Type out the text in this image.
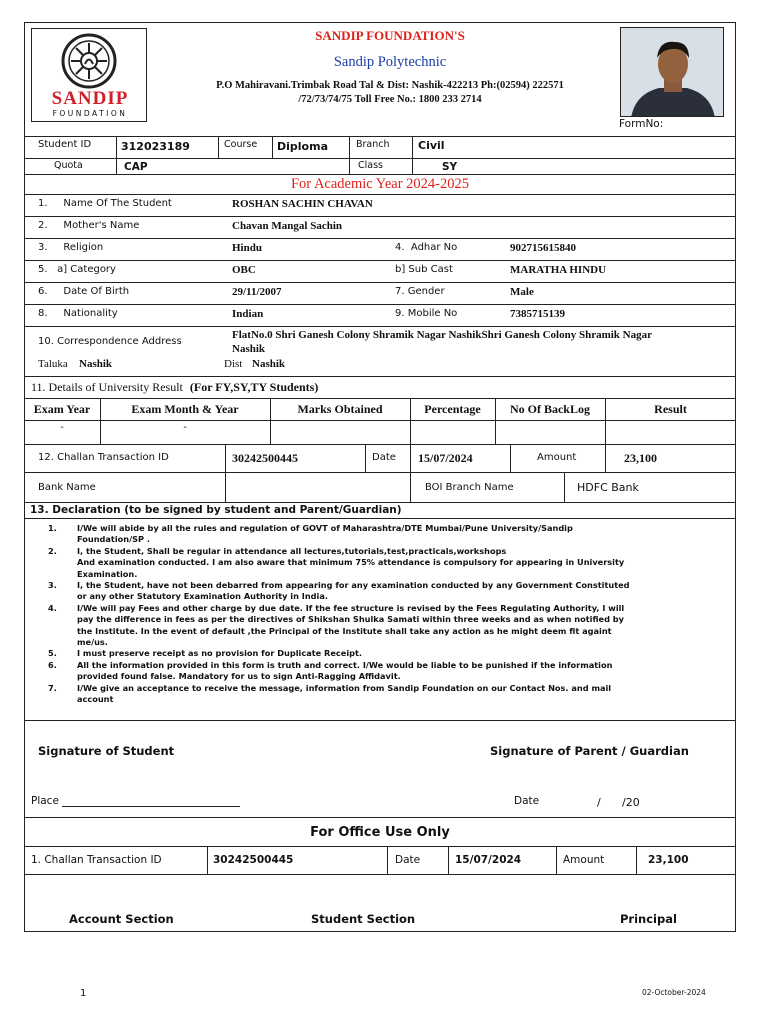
SANDIP
FOUNDATION
SANDIP FOUNDATION'S
Sandip Polytechnic
P.O Mahiravani.Trimbak Road Tal & Dist: Nashik-422213 Ph:(02594) 222571
/72/73/74/75 Toll Free No.: 1800 233 2714
FormNo:
Student ID	312023189	Course Diploma	Branch	Civil
Quota	CAP	Class	SY
For Academic Year 2024-2025
1.     Name Of The Student	ROSHAN SACHIN CHAVAN
2.     Mother's Name	Chavan Mangal Sachin
3.     Religion	Hindu	4.  Adhar No	902715615840
5.   a] Category	OBC	b] Sub Cast	MARATHA HINDU
6.     Date Of Birth	29/11/2007	7. Gender	Male
8.     Nationality	Indian	9. Mobile No	7385715139
10. Correspondence Address
FlatNo.0 Shri Ganesh Colony Shramik Nagar NashikShri Ganesh Colony Shramik Nagar
Nashik
Taluka Nashik	Dist Nashik
11. Details of University Result (For FY,SY,TY Students)
Exam Year	Exam Month & Year	Marks Obtained	Percentage	No Of BackLog	Result
-	-
12. Challan Transaction ID	30242500445	Date 15/07/2024	Amount	23,100
Bank Name	BOI Branch Name	HDFC Bank
13. Declaration (to be signed by student and Parent/Guardian)
1.	I/We will abide by all the rules and regulation of GOVT of Maharashtra/DTE Mumbai/Pune University/Sandip
Foundation/SP .
2.	I, the Student, Shall be regular in attendance all lectures,tutorials,test,practicals,workshops
And examination conducted. I am also aware that minimum 75% attendance is compulsory for appearing in University
Examination.
3.	I, the Student, have not been debarred from appearing for any examination conducted by any Government Constituted
or any other Statutory Examination Authority in India.
4.	I/We will pay Fees and other charge by due date. If the fee structure is revised by the Fees Regulating Authority, I will
pay the difference in fees as per the directives of Shikshan Shulka Samati within three weeks and as when notified by
the Institute. In the event of default ,the Principal of the Institute shall take any action as he might deem fit againt
me/us.
5.	I must preserve receipt as no provision for Duplicate Receipt.
6.	All the information provided in this form is truth and correct. I/We would be liable to be punished if the information
provided found false. Mandatory for us to sign Anti-Ragging Affidavit.
7.	I/We give an acceptance to receive the message, information from Sandip Foundation on our Contact Nos. and mail
account
Signature of Student	Signature of Parent / Guardian
Place	Date	/ /20
For Office Use Only
1. Challan Transaction ID	30242500445	Date	15/07/2024	Amount	23,100
Account Section	Student Section	Principal
1	02-October-2024
